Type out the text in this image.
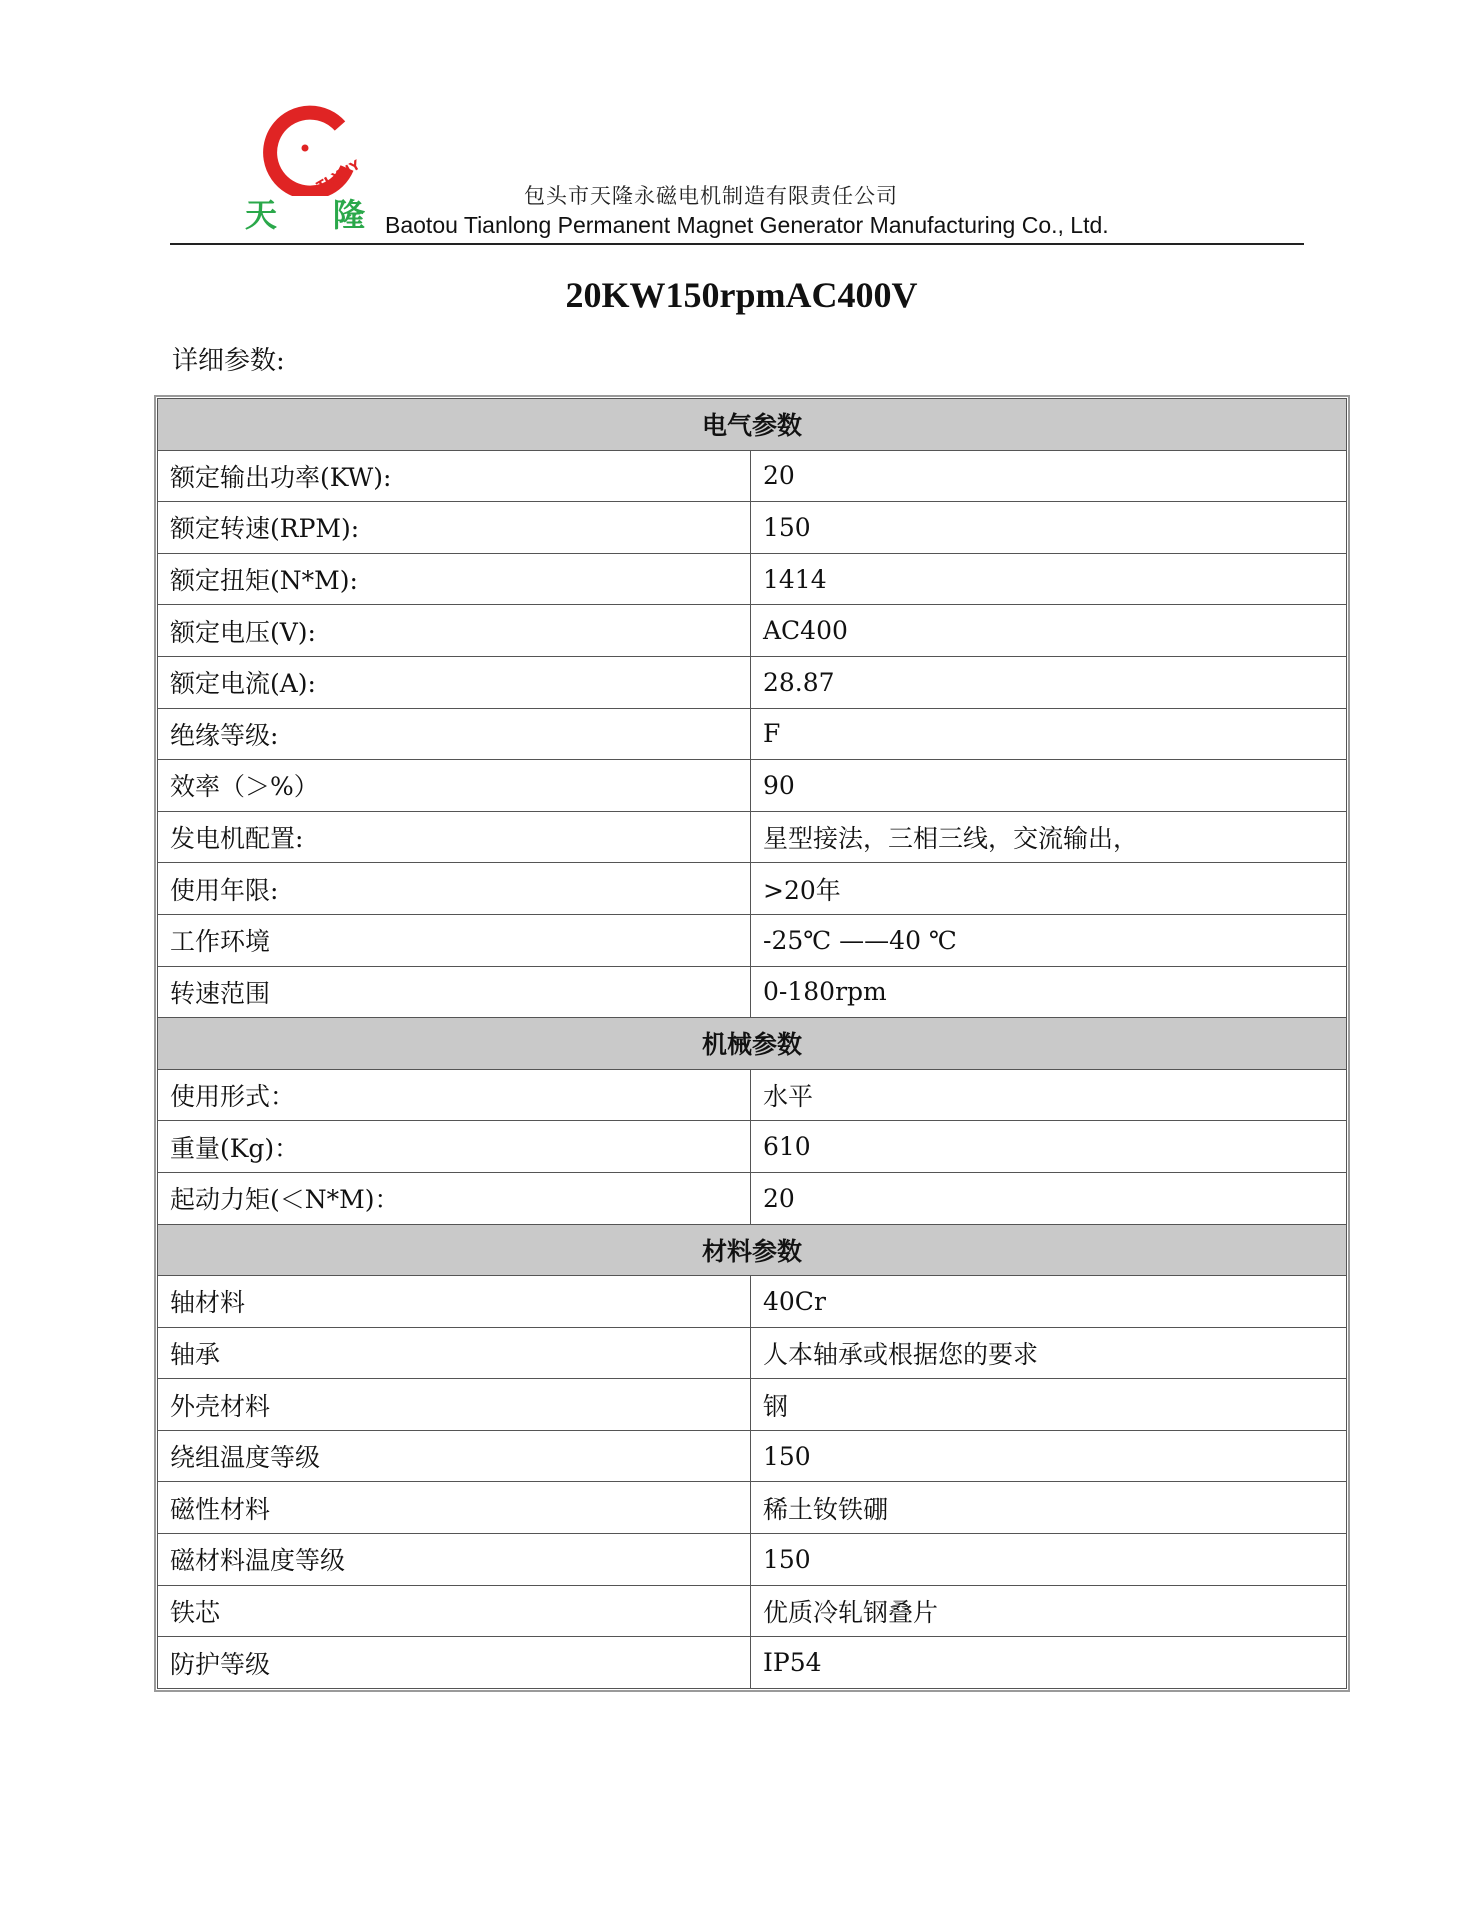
TLXNY
天 隆	包头市天隆永磁电机制造有限责任公司
Baotou Tianlong Permanent Magnet Generator Manufacturing Co., Ltd.
20KW150rpmAC400V
详细参数:
电气参数	
额定输出功率(KW):	20
额定转速(RPM):	150
额定扭矩(N*M):	1414
额定电压(V):	AC400
额定电流(A):	28.87
绝缘等级:	F
效率（＞%）	90
发电机配置:	星型接法，三相三线，交流输出，
使用年限:	>20年
工作环境	-25℃ ——40 ℃
转速范围	0-180rpm
机械参数	
使用形式：	水平
重量(Kg)：	610
起动力矩(＜N*M)：	20
材料参数	
轴材料	40Cr
轴承	人本轴承或根据您的要求
外壳材料	钢
绕组温度等级	150
磁性材料	稀土钕铁硼
磁材料温度等级	150
铁芯	优质冷轧钢叠片
防护等级	IP54
